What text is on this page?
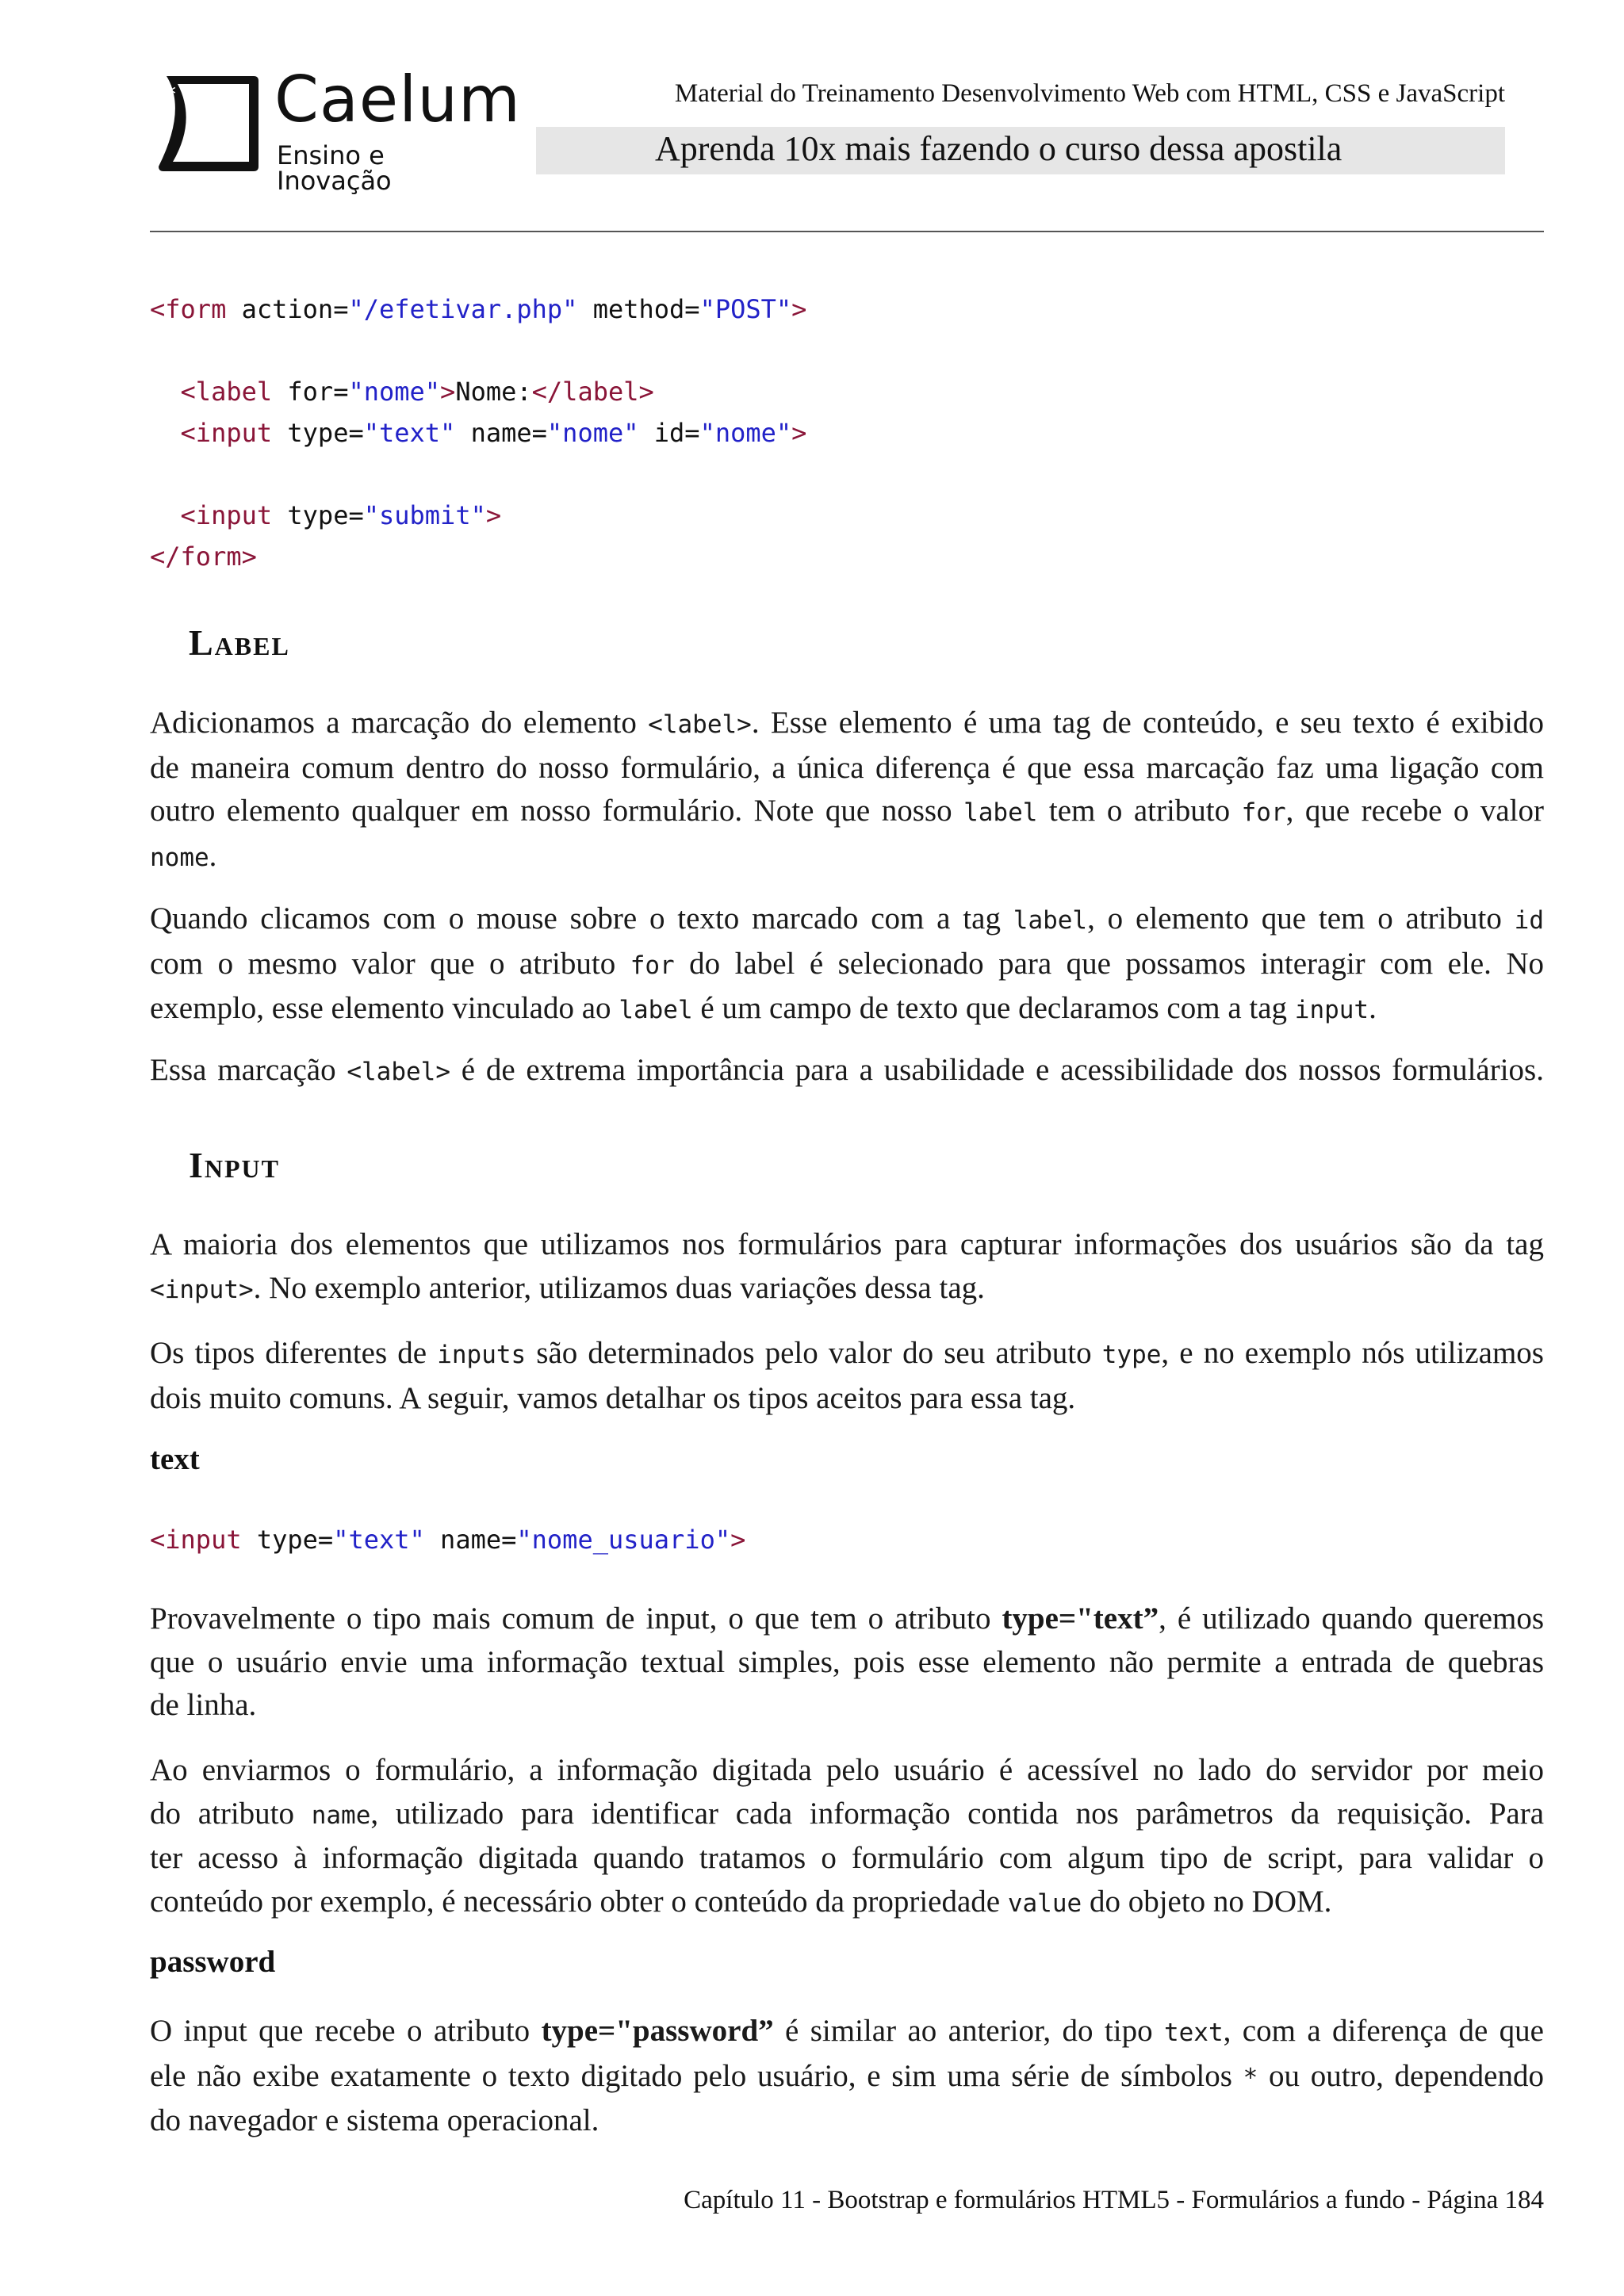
* Caelum
Ensino e Inovação
Material do Treinamento Desenvolvimento Web com HTML, CSS e JavaScript
Aprenda 10x mais fazendo o curso dessa apostila
<form action="/efetivar.php" method="POST">

<label for="nome">Nome:</label>
<input type="text" name="nome" id="nome">

<input type="submit">
</form>
Label
Adicionamos a marcação do elemento <label>. Esse elemento é uma tag de conteúdo, e seu texto é exibido
de maneira comum dentro do nosso formulário, a única diferença é que essa marcação faz uma ligação com
outro elemento qualquer em nosso formulário. Note que nosso label tem o atributo for, que recebe o valor
nome.
Quando clicamos com o mouse sobre o texto marcado com a tag label, o elemento que tem o atributo id
com o mesmo valor que o atributo for do label é selecionado para que possamos interagir com ele. No
exemplo, esse elemento vinculado ao label é um campo de texto que declaramos com a tag input.
Essa marcação <label> é de extrema importância para a usabilidade e acessibilidade dos nossos formulários.
Input
A maioria dos elementos que utilizamos nos formulários para capturar informações dos usuários são da tag
<input>. No exemplo anterior, utilizamos duas variações dessa tag.
Os tipos diferentes de inputs são determinados pelo valor do seu atributo type, e no exemplo nós utilizamos
dois muito comuns. A seguir, vamos detalhar os tipos aceitos para essa tag.
text
<input type="text" name="nome_usuario">
Provavelmente o tipo mais comum de input, o que tem o atributo type="text”, é utilizado quando queremos
que o usuário envie uma informação textual simples, pois esse elemento não permite a entrada de quebras
de linha.
Ao enviarmos o formulário, a informação digitada pelo usuário é acessível no lado do servidor por meio
do atributo name, utilizado para identificar cada informação contida nos parâmetros da requisição. Para
ter acesso à informação digitada quando tratamos o formulário com algum tipo de script, para validar o
conteúdo por exemplo, é necessário obter o conteúdo da propriedade value do objeto no DOM.
password
O input que recebe o atributo type="password” é similar ao anterior, do tipo text, com a diferença de que
ele não exibe exatamente o texto digitado pelo usuário, e sim uma série de símbolos * ou outro, dependendo
do navegador e sistema operacional.
Capítulo 11 - Bootstrap e formulários HTML5 - Formulários a fundo - Página 184
